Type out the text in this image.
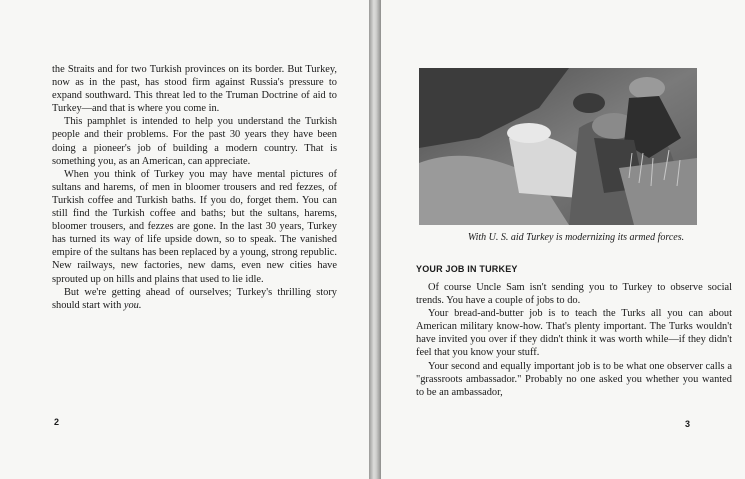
the Straits and for two Turkish provinces on its border. But Turkey, now as in the past, has stood firm against Russia's pressure to expand southward. This threat led to the Truman Doctrine of aid to Turkey—and that is where you come in.

This pamphlet is intended to help you understand the Turkish people and their problems. For the past 30 years they have been doing a pioneer's job of building a modern country. That is something you, as an American, can appreciate.

When you think of Turkey you may have mental pictures of sultans and harems, of men in bloomer trousers and red fezzes, of Turkish coffee and Turkish baths. If you do, forget them. You can still find the Turkish coffee and baths; but the sultans, harems, bloomer trousers, and fezzes are gone. In the last 30 years, Turkey has turned its way of life upside down, so to speak. The vanished empire of the sultans has been replaced by a young, strong republic. New railways, new factories, new dams, even new cities have sprouted up on hills and plains that used to lie idle.

But we're getting ahead of ourselves; Turkey's thrilling story should start with you.

2
With U. S. aid Turkey is modernizing its armed forces.
YOUR JOB IN TURKEY

Of course Uncle Sam isn't sending you to Turkey to observe social trends. You have a couple of jobs to do.

Your bread-and-butter job is to teach the Turks all you can about American military know-how. That's plenty important. The Turks wouldn't have invited you over if they didn't think it was worth while—if they didn't feel that you know your stuff.

Your second and equally important job is to be what one observer calls a "grassroots ambassador." Probably no one asked you whether you wanted to be an ambassador,

3
